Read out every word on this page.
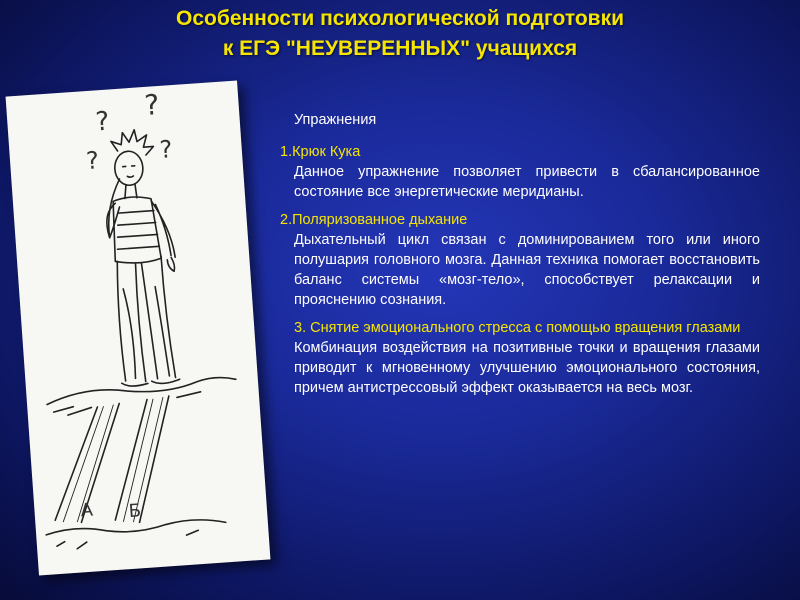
Особенности психологической подготовки
к ЕГЭ "НЕУВЕРЕННЫХ" учащихся
?
?
? ?
А Б
Упражнения
1.Крюк Кука
Данное упражнение позволяет привести в сбалансированное состояние все энергетические меридианы.
2.Поляризованное дыхание
Дыхательный цикл связан с доминированием того или иного полушария головного мозга. Данная техника помогает восстановить баланс системы «мозг-тело», способствует релаксации и прояснению сознания.
3. Снятие эмоционального стресса с помощью вращения глазами
Комбинация воздействия на позитивные точки и вращения глазами приводит к мгновенному улучшению эмоционального состояния, причем антистрессовый эффект оказывается на весь мозг.
